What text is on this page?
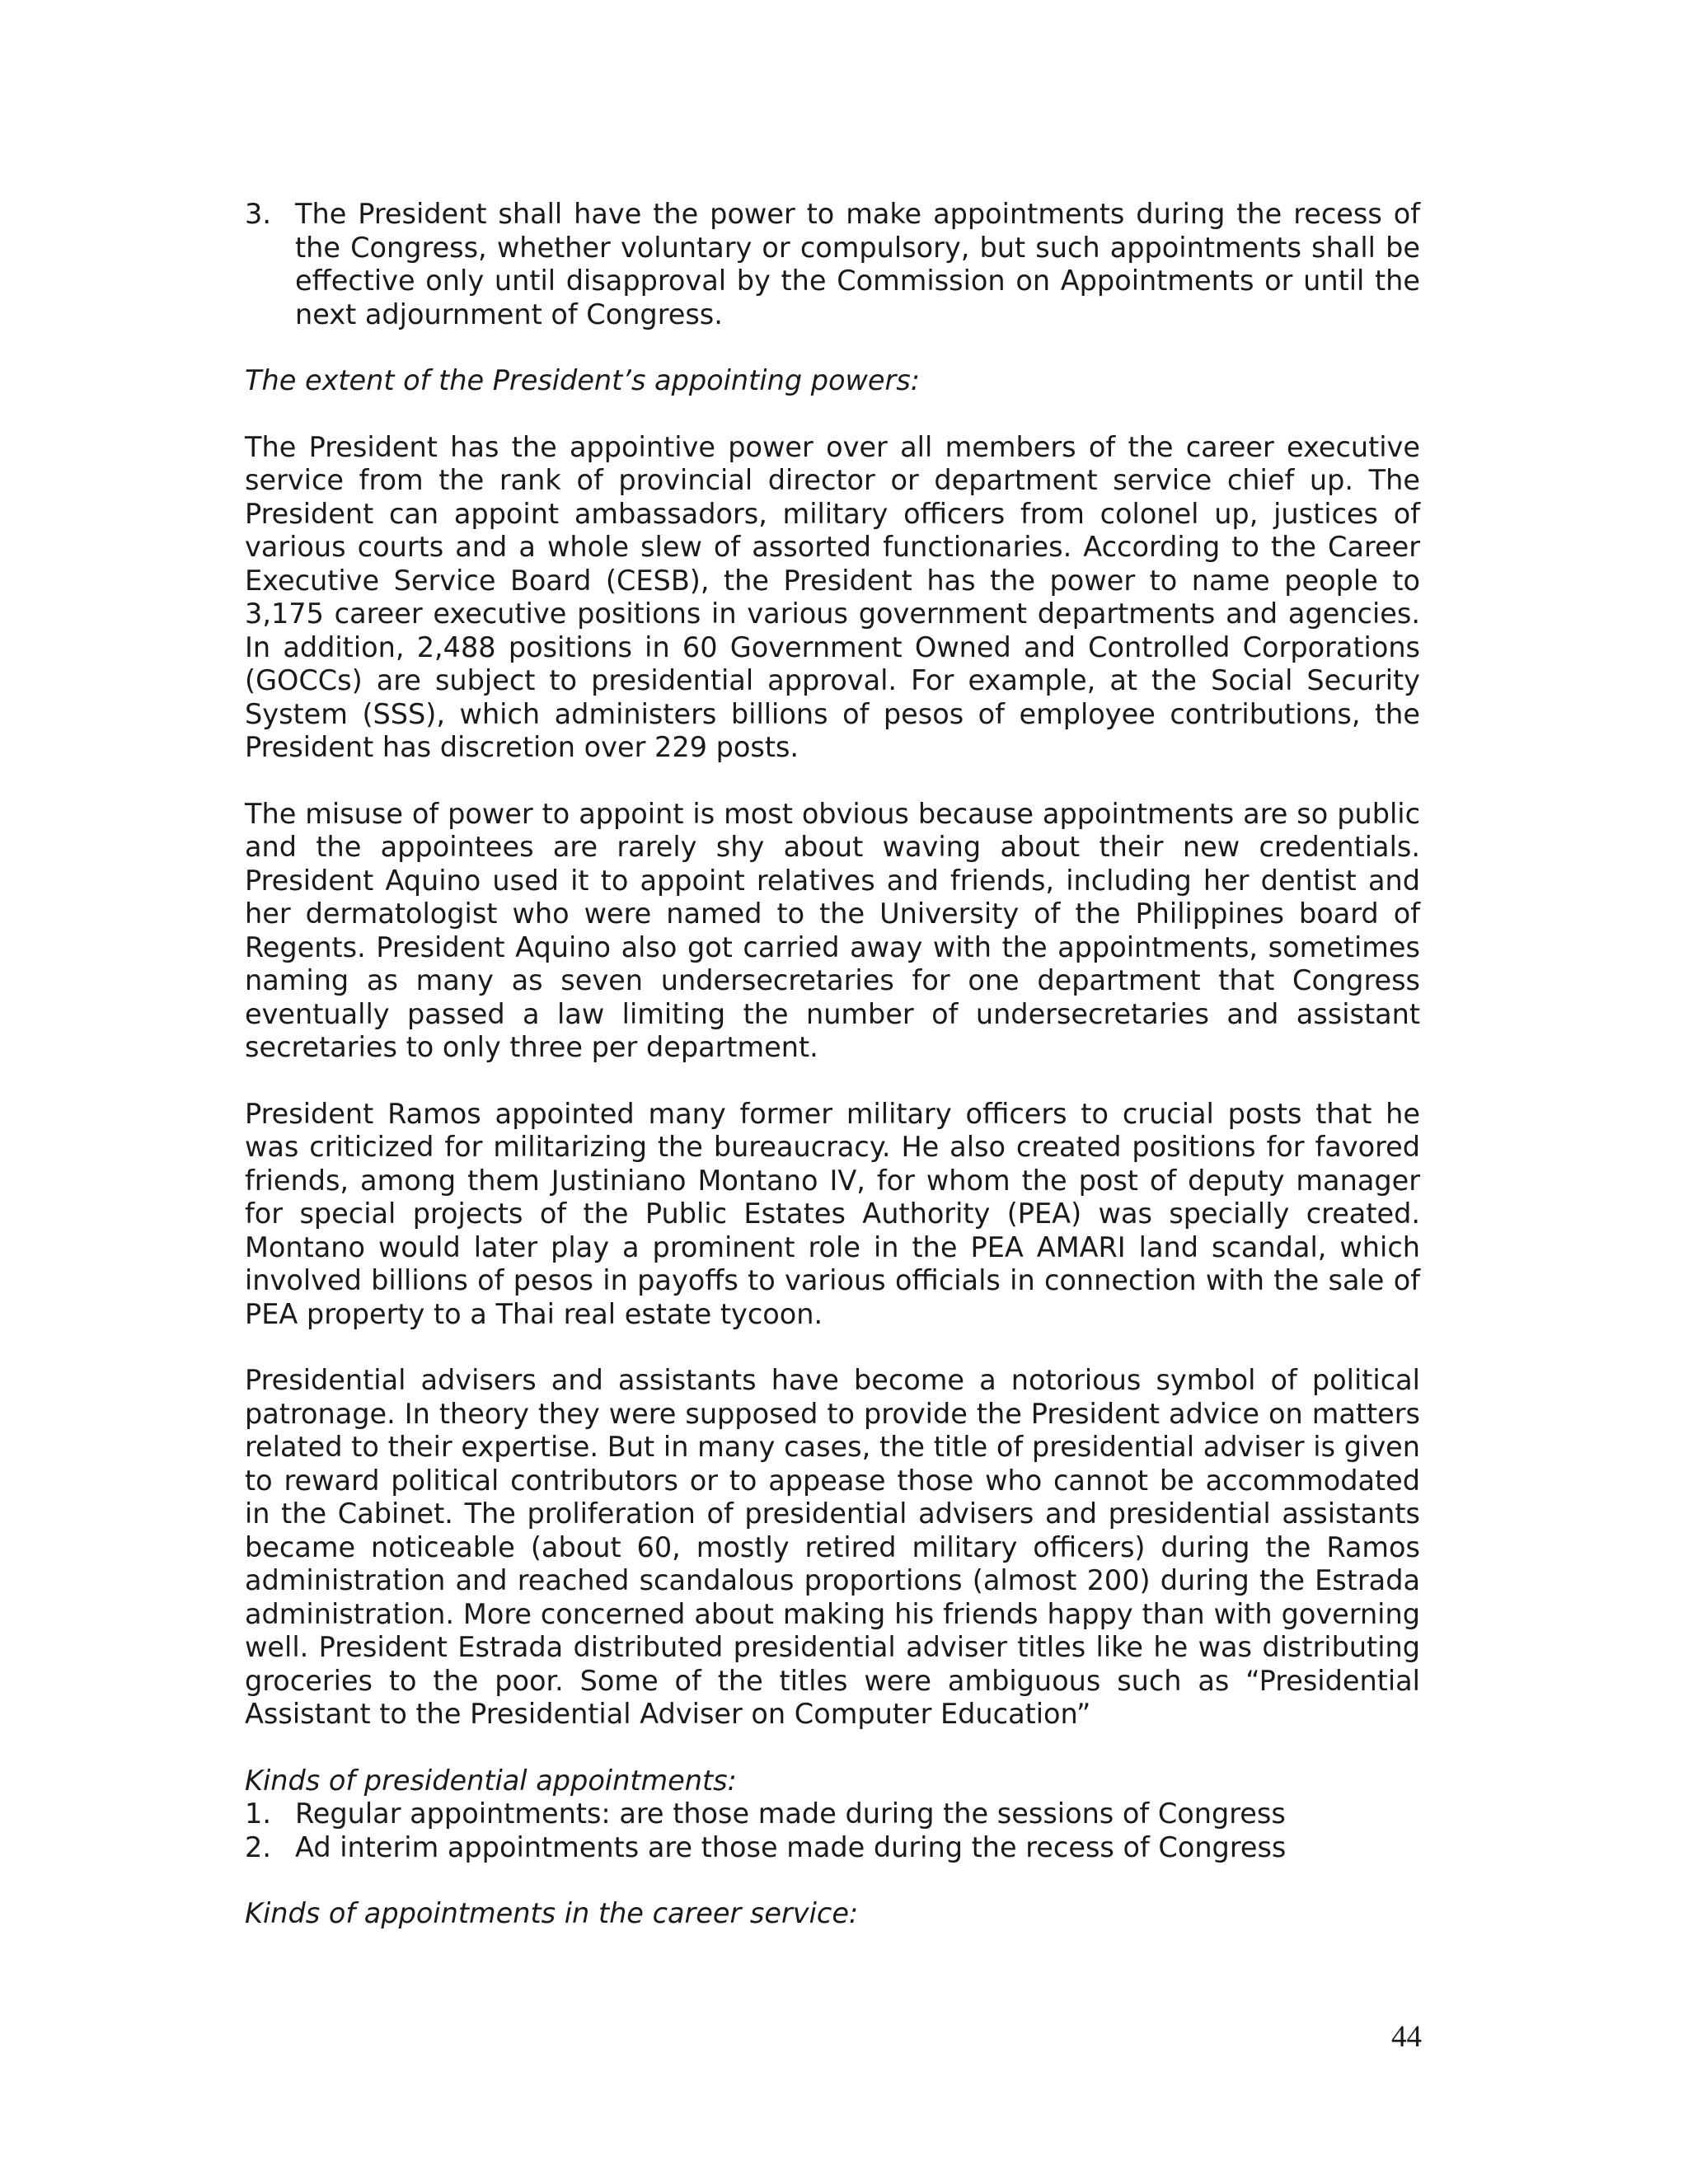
3. The President shall have the power to make appointments during the recess of the Congress, whether voluntary or compulsory, but such appointments shall be effective only until disapproval by the Commission on Appointments or until the next adjournment of Congress.

The extent of the President’s appointing powers:

The President has the appointive power over all members of the career executive service from the rank of provincial director or department service chief up. The President can appoint ambassadors, military officers from colonel up, justices of various courts and a whole slew of assorted functionaries. According to the Career Executive Service Board (CESB), the President has the power to name people to 3,175 career executive positions in various government departments and agencies. In addition, 2,488 positions in 60 Government Owned and Controlled Corporations (GOCCs) are subject to presidential approval. For example, at the Social Security System (SSS), which administers billions of pesos of employee contributions, the President has discretion over 229 posts.

The misuse of power to appoint is most obvious because appointments are so public and the appointees are rarely shy about waving about their new credentials. President Aquino used it to appoint relatives and friends, including her dentist and her dermatologist who were named to the University of the Philippines board of Regents. President Aquino also got carried away with the appointments, sometimes naming as many as seven undersecretaries for one department that Congress eventually passed a law limiting the number of undersecretaries and assistant secretaries to only three per department.

President Ramos appointed many former military officers to crucial posts that he was criticized for militarizing the bureaucracy. He also created positions for favored friends, among them Justiniano Montano IV, for whom the post of deputy manager for special projects of the Public Estates Authority (PEA) was specially created. Montano would later play a prominent role in the PEA AMARI land scandal, which involved billions of pesos in payoffs to various officials in connection with the sale of PEA property to a Thai real estate tycoon.

Presidential advisers and assistants have become a notorious symbol of political patronage. In theory they were supposed to provide the President advice on matters related to their expertise. But in many cases, the title of presidential adviser is given to reward political contributors or to appease those who cannot be accommodated in the Cabinet. The proliferation of presidential advisers and presidential assistants became noticeable (about 60, mostly retired military officers) during the Ramos administration and reached scandalous proportions (almost 200) during the Estrada administration. More concerned about making his friends happy than with governing well. President Estrada distributed presidential adviser titles like he was distributing groceries to the poor. Some of the titles were ambiguous such as “Presidential Assistant to the Presidential Adviser on Computer Education”

Kinds of presidential appointments:

1. Regular appointments: are those made during the sessions of Congress
2. Ad interim appointments are those made during the recess of Congress

Kinds of appointments in the career service:

44
